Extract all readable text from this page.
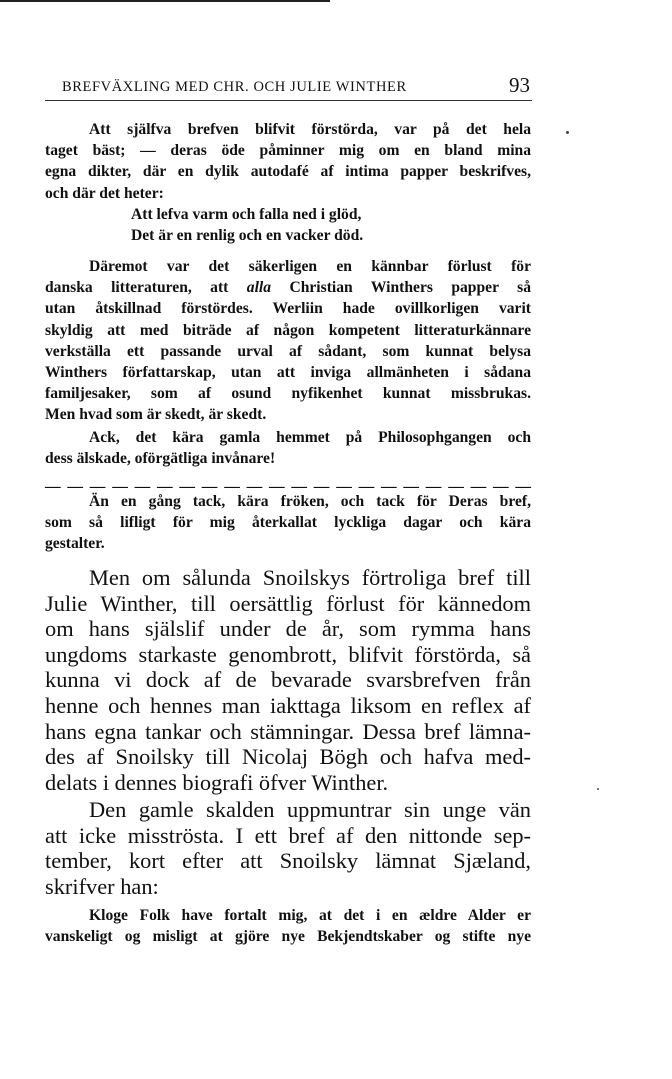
BREFVÄXLING MED CHR. OCH JULIE WINTHER	93
Att själfva brefven blifvit förstörda, var på det hela
taget bäst; — deras öde påminner mig om en bland mina
egna dikter, där en dylik autodafé af intima papper beskrifves,
och där det heter:
Att lefva varm och falla ned i glöd,
Det är en renlig och en vacker död.
Däremot var det säkerligen en kännbar förlust för
danska litteraturen, att alla Christian Winthers papper så
utan åtskillnad förstördes. Werliin hade ovillkorligen varit
skyldig att med biträde af någon kompetent litteraturkännare
verkställa ett passande urval af sådant, som kunnat belysa
Winthers författarskap, utan att inviga allmänheten i sådana
familjesaker, som af osund nyfikenhet kunnat missbrukas.
Men hvad som är skedt, är skedt.
Ack, det kära gamla hemmet på Philosophgangen och
dess älskade, oförgätliga invånare!
— — — — — — — — — — — — — — — — — — — — — —
Än en gång tack, kära fröken, och tack för Deras bref,
som så lifligt för mig återkallat lyckliga dagar och kära
gestalter.
Men om sålunda Snoilskys förtroliga bref till
Julie Winther, till oersättlig förlust för kännedom
om hans själslif under de år, som rymma hans
ungdoms starkaste genombrott, blifvit förstörda, så
kunna vi dock af de bevarade svarsbrefven från
henne och hennes man iakttaga liksom en reflex af
hans egna tankar och stämningar. Dessa bref lämna-
des af Snoilsky till Nicolaj Bögh och hafva med-
delats i dennes biografi öfver Winther.
Den gamle skalden uppmuntrar sin unge vän
att icke misströsta. I ett bref af den nittonde sep-
tember, kort efter att Snoilsky lämnat Sjæland,
skrifver han:
Kloge Folk have fortalt mig, at det i en ældre Alder er
vanskeligt og misligt at gjöre nye Bekjendtskaber og stifte nye
